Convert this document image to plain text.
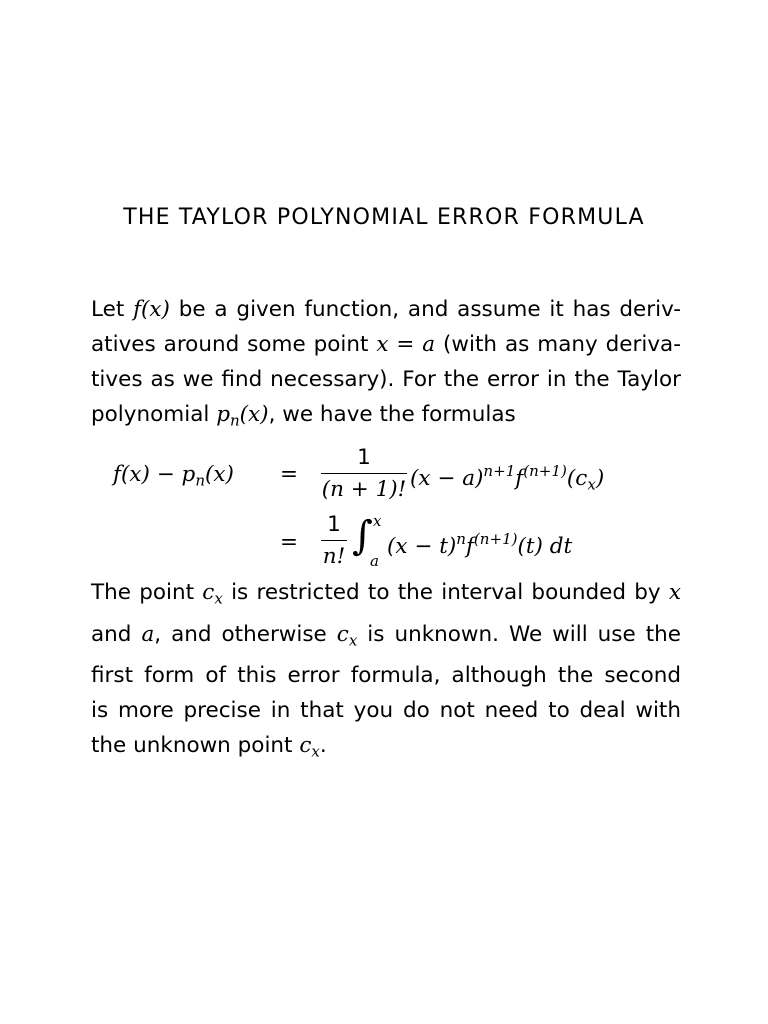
THE TAYLOR POLYNOMIAL ERROR FORMULA
Let f(x) be a given function, and assume it has deriv-
atives around some point x = a (with as many deriva-
tives as we find necessary). For the error in the Taylor
polynomial $p_n(x)$, we have the formulas
$f(x) - p_n(x)$ =
1
(n + 1)! $(x - a)^{n+1}f^{(n+1)}(c_x)$
=
1
n! ∫ x
a
$(x - t)^nf^{(n+1)}(t)$ dt
The point $c_x$ is restricted to the interval bounded by x
and a, and otherwise $c_x$ is unknown. We will use the
first form of this error formula, although the second
is more precise in that you do not need to deal with
the unknown point $c_x$.
